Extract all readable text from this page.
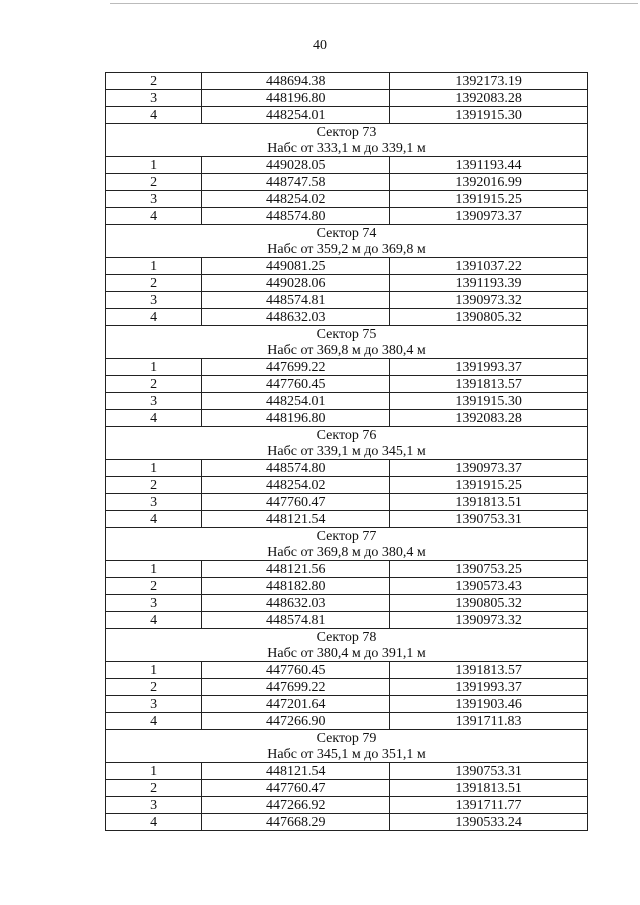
40
2	448694.38	1392173.19
3	448196.80	1392083.28
4	448254.01	1391915.30
Сектор 73		
Набс от 333,1 м до 339,1 м		
1	449028.05	1391193.44
2	448747.58	1392016.99
3	448254.02	1391915.25
4	448574.80	1390973.37
Сектор 74		
Набс от 359,2 м до 369,8 м		
1	449081.25	1391037.22
2	449028.06	1391193.39
3	448574.81	1390973.32
4	448632.03	1390805.32
Сектор 75		
Набс от 369,8 м до 380,4 м		
1	447699.22	1391993.37
2	447760.45	1391813.57
3	448254.01	1391915.30
4	448196.80	1392083.28
Сектор 76		
Набс от 339,1 м до 345,1 м		
1	448574.80	1390973.37
2	448254.02	1391915.25
3	447760.47	1391813.51
4	448121.54	1390753.31
Сектор 77		
Набс от 369,8 м до 380,4 м		
1	448121.56	1390753.25
2	448182.80	1390573.43
3	448632.03	1390805.32
4	448574.81	1390973.32
Сектор 78		
Набс от 380,4 м до 391,1 м		
1	447760.45	1391813.57
2	447699.22	1391993.37
3	447201.64	1391903.46
4	447266.90	1391711.83
Сектор 79		
Набс от 345,1 м до 351,1 м		
1	448121.54	1390753.31
2	447760.47	1391813.51
3	447266.92	1391711.77
4	447668.29	1390533.24
